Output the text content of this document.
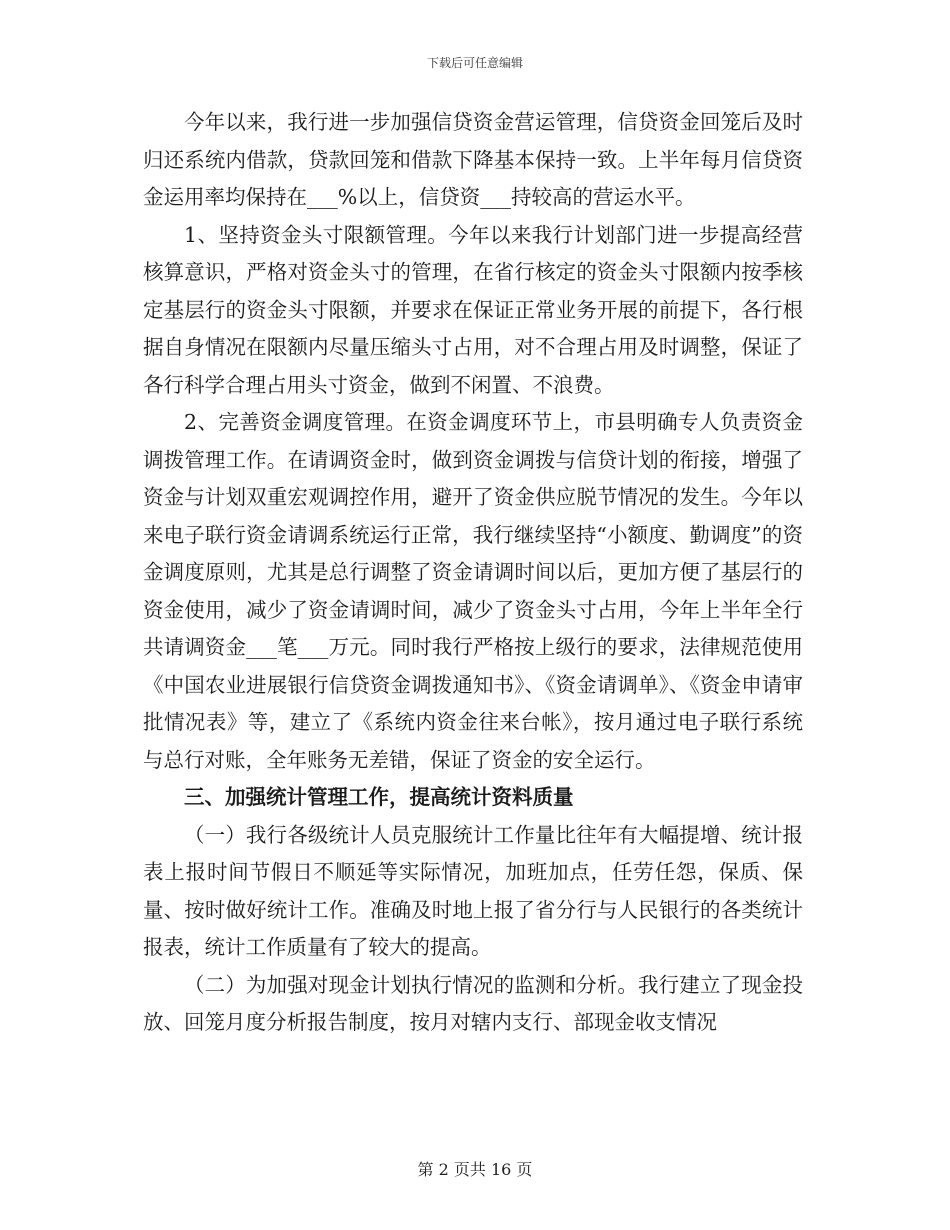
下载后可任意编辑

今年以来，我行进一步加强信贷资金营运管理，信贷资金回笼后及时归还系统内借款，贷款回笼和借款下降基本保持一致。上半年每月信贷资金运用率均保持在___%以上，信贷资___持较高的营运水平。

1、坚持资金头寸限额管理。今年以来我行计划部门进一步提高经营核算意识，严格对资金头寸的管理，在省行核定的资金头寸限额内按季核定基层行的资金头寸限额，并要求在保证正常业务开展的前提下，各行根据自身情况在限额内尽量压缩头寸占用，对不合理占用及时调整，保证了各行科学合理占用头寸资金，做到不闲置、不浪费。

2、完善资金调度管理。在资金调度环节上，市县明确专人负责资金调拨管理工作。在请调资金时，做到资金调拨与信贷计划的衔接，增强了资金与计划双重宏观调控作用，避开了资金供应脱节情况的发生。今年以来电子联行资金请调系统运行正常，我行继续坚持“小额度、勤调度”的资金调度原则，尤其是总行调整了资金请调时间以后，更加方便了基层行的资金使用，减少了资金请调时间，减少了资金头寸占用，今年上半年全行共请调资金___笔___万元。同时我行严格按上级行的要求，法律规范使用《中国农业进展银行信贷资金调拨通知书》、《资金请调单》、《资金申请审批情况表》等，建立了《系统内资金往来台帐》，按月通过电子联行系统与总行对账，全年账务无差错，保证了资金的安全运行。

三、加强统计管理工作，提高统计资料质量

（一）我行各级统计人员克服统计工作量比往年有大幅提增、统计报表上报时间节假日不顺延等实际情况，加班加点，任劳任怨，保质、保量、按时做好统计工作。准确及时地上报了省分行与人民银行的各类统计报表，统计工作质量有了较大的提高。

（二）为加强对现金计划执行情况的监测和分析。我行建立了现金投放、回笼月度分析报告制度，按月对辖内支行、部现金收支情况

第 2 页共 16 页
